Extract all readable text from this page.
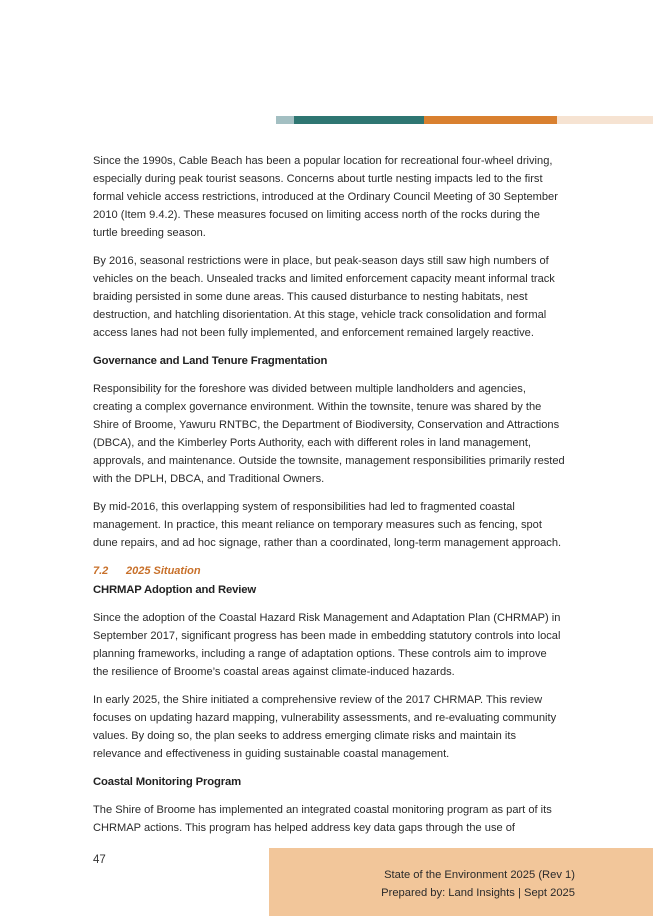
Since the 1990s, Cable Beach has been a popular location for recreational four-wheel driving, especially during peak tourist seasons. Concerns about turtle nesting impacts led to the first formal vehicle access restrictions, introduced at the Ordinary Council Meeting of 30 September 2010 (Item 9.4.2). These measures focused on limiting access north of the rocks during the turtle breeding season.

By 2016, seasonal restrictions were in place, but peak-season days still saw high numbers of vehicles on the beach. Unsealed tracks and limited enforcement capacity meant informal track braiding persisted in some dune areas. This caused disturbance to nesting habitats, nest destruction, and hatchling disorientation. At this stage, vehicle track consolidation and formal access lanes had not been fully implemented, and enforcement remained largely reactive.

Governance and Land Tenure Fragmentation

Responsibility for the foreshore was divided between multiple landholders and agencies, creating a complex governance environment. Within the townsite, tenure was shared by the Shire of Broome, Yawuru RNTBC, the Department of Biodiversity, Conservation and Attractions (DBCA), and the Kimberley Ports Authority, each with different roles in land management, approvals, and maintenance. Outside the townsite, management responsibilities primarily rested with the DPLH, DBCA, and Traditional Owners.

By mid-2016, this overlapping system of responsibilities had led to fragmented coastal management. In practice, this meant reliance on temporary measures such as fencing, spot dune repairs, and ad hoc signage, rather than a coordinated, long-term management approach.

7.2 2025 Situation
CHRMAP Adoption and Review

Since the adoption of the Coastal Hazard Risk Management and Adaptation Plan (CHRMAP) in September 2017, significant progress has been made in embedding statutory controls into local planning frameworks, including a range of adaptation options. These controls aim to improve the resilience of Broome’s coastal areas against climate-induced hazards.

In early 2025, the Shire initiated a comprehensive review of the 2017 CHRMAP. This review focuses on updating hazard mapping, vulnerability assessments, and re-evaluating community values. By doing so, the plan seeks to address emerging climate risks and maintain its relevance and effectiveness in guiding sustainable coastal management.

Coastal Monitoring Program

The Shire of Broome has implemented an integrated coastal monitoring program as part of its CHRMAP actions. This program has helped address key data gaps through the use of

47
State of the Environment 2025 (Rev 1)
Prepared by: Land Insights | Sept 2025
